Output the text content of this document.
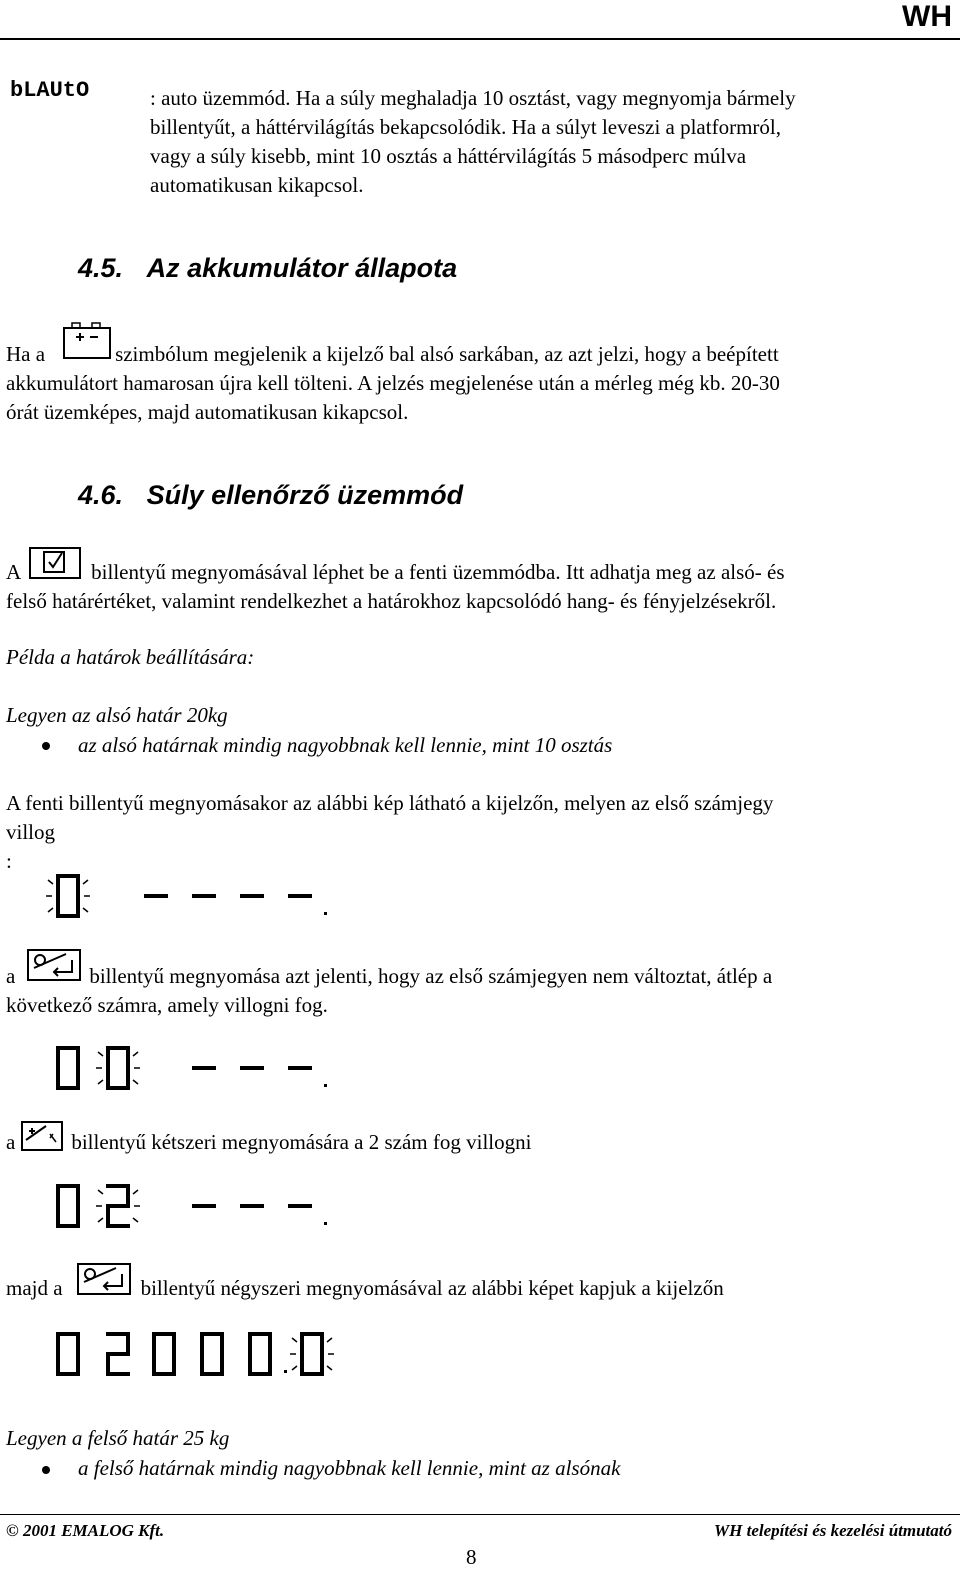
WH
bLAUtO	: auto üzemmód. Ha a súly meghaladja 10 osztást, vagy megnyomja bármely
billentyűt, a háttérvilágítás bekapcsolódik. Ha a súlyt leveszi a platformról,
vagy a súly kisebb, mint 10 osztás a háttérvilágítás 5 másodperc múlva
automatikusan kikapcsol.
4.5. Az akkumulátor állapota
Ha a	szimbólum megjelenik a kijelző bal alsó sarkában, az azt jelzi, hogy a beépített
akkumulátort hamarosan újra kell tölteni. A jelzés megjelenése után a mérleg még kb. 20-30
órát üzemképes, majd automatikusan kikapcsol.
4.6. Súly ellenőrző üzemmód
A	billentyű megnyomásával léphet be a fenti üzemmódba. Itt adhatja meg az alsó- és
felső határértéket, valamint rendelkezhet a határokhoz kapcsolódó hang- és fényjelzésekről.
Példa a határok beállítására:
Legyen az alsó határ 20kg
az alsó határnak mindig nagyobbnak kell lennie, mint 10 osztás
A fenti billentyű megnyomásakor az alábbi kép látható a kijelzőn, melyen az első számjegy
villog
:
a	billentyű megnyomása azt jelenti, hogy az első számjegyen nem változtat, átlép a
következő számra, amely villogni fog.
a	billentyű kétszeri megnyomására a 2 szám fog villogni
majd a	billentyű négyszeri megnyomásával az alábbi képet kapjuk a kijelzőn
Legyen a felső határ 25 kg
a felső határnak mindig nagyobbnak kell lennie, mint az alsónak
© 2001 EMALOG Kft.	WH telepítési és kezelési útmutató
8
